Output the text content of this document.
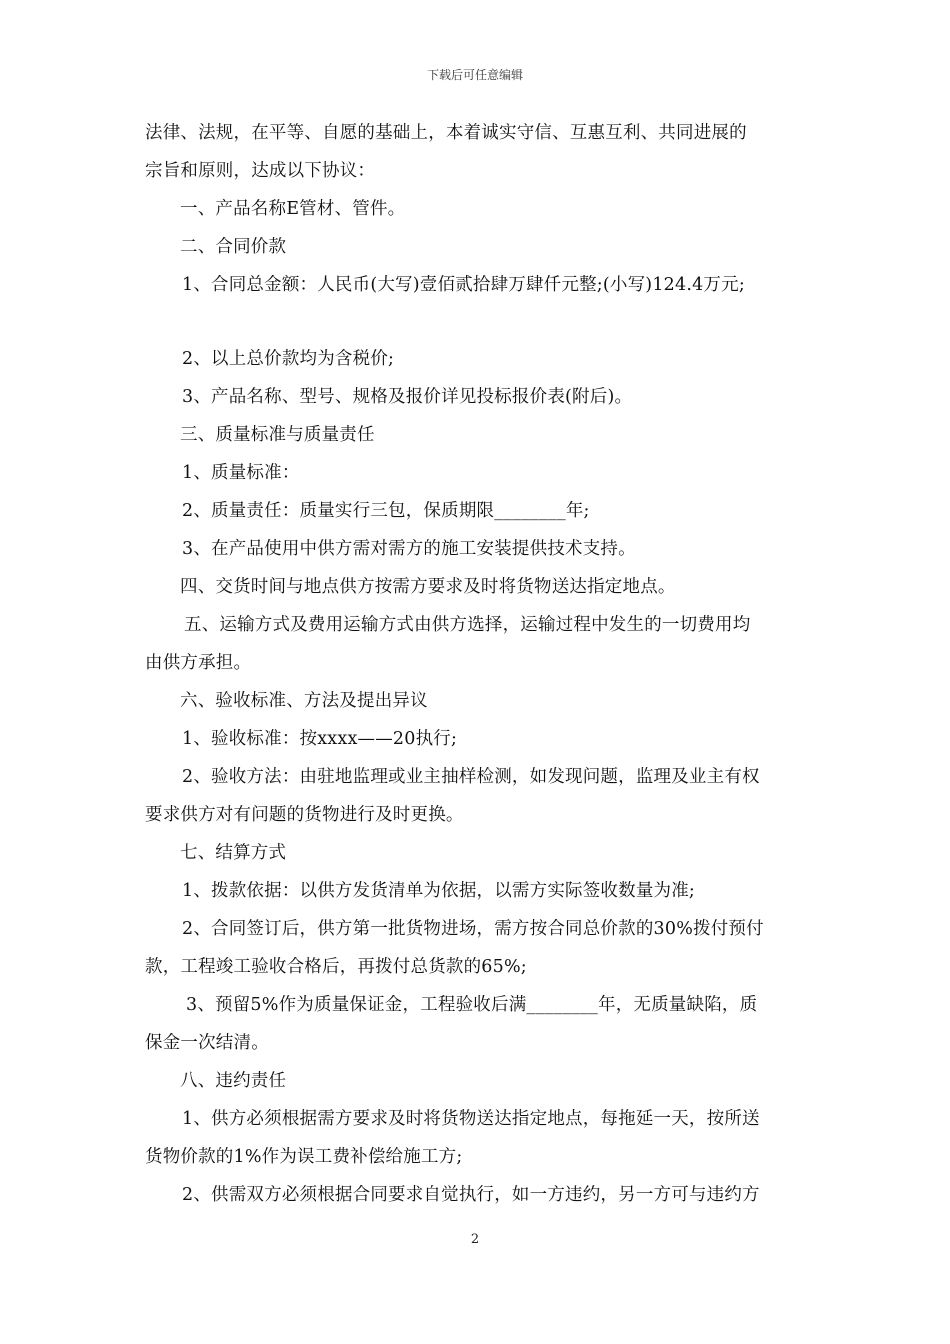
下载后可任意编辑
法律、法规，在平等、自愿的基础上，本着诚实守信、互惠互利、共同进展的
宗旨和原则，达成以下协议：
一、产品名称E管材、管件。
二、合同价款
1、合同总金额：人民币(大写)壹佰贰拾肆万肆仟元整;(小写)124.4万元;
2、以上总价款均为含税价;
3、产品名称、型号、规格及报价详见投标报价表(附后)。
三、质量标准与质量责任
1、质量标准：
2、质量责任：质量实行三包，保质期限________年;
3、在产品使用中供方需对需方的施工安装提供技术支持。
四、交货时间与地点供方按需方要求及时将货物送达指定地点。
五、运输方式及费用运输方式由供方选择，运输过程中发生的一切费用均
由供方承担。
六、验收标准、方法及提出异议
1、验收标准：按xxxx——20执行;
2、验收方法：由驻地监理或业主抽样检测，如发现问题，监理及业主有权
要求供方对有问题的货物进行及时更换。
七、结算方式
1、拨款依据：以供方发货清单为依据，以需方实际签收数量为准;
2、合同签订后，供方第一批货物进场，需方按合同总价款的30%拨付预付
款，工程竣工验收合格后，再拨付总货款的65%;
3、预留5%作为质量保证金，工程验收后满________年，无质量缺陷，质
保金一次结清。
八、违约责任
1、供方必须根据需方要求及时将货物送达指定地点，每拖延一天，按所送
货物价款的1%作为误工费补偿给施工方;
2、供需双方必须根据合同要求自觉执行，如一方违约，另一方可与违约方
2
